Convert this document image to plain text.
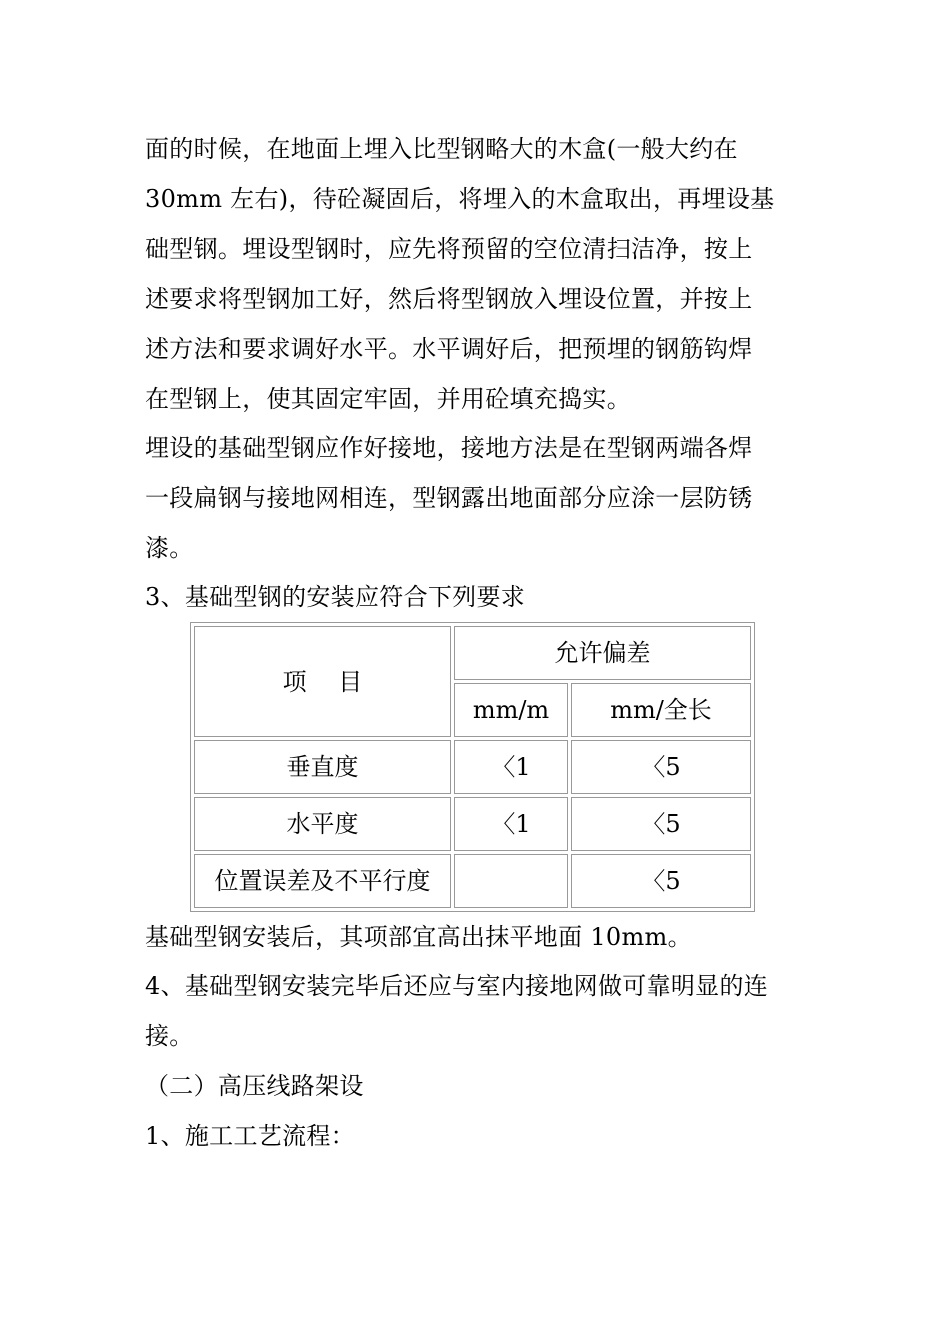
面的时候，在地面上埋入比型钢略大的木盒(一般大约在
30mm 左右)，待砼凝固后，将埋入的木盒取出，再埋设基
础型钢。埋设型钢时，应先将预留的空位清扫洁净，按上
述要求将型钢加工好，然后将型钢放入埋设位置，并按上
述方法和要求调好水平。水平调好后，把预埋的钢筋钩焊
在型钢上，使其固定牢固，并用砼填充捣实。
埋设的基础型钢应作好接地，接地方法是在型钢两端各焊
一段扁钢与接地网相连，型钢露出地面部分应涂一层防锈
漆。
3、基础型钢的安装应符合下列要求
项　 目	允许偏差	
	mm/m	mm/全长
垂直度	〈1	〈5
水平度	〈1	〈5
位置误差及不平行度		〈5
基础型钢安装后，其项部宜高出抹平地面 10mm。
4、基础型钢安装完毕后还应与室内接地网做可靠明显的连
接。
（二）高压线路架设
1、施工工艺流程：
